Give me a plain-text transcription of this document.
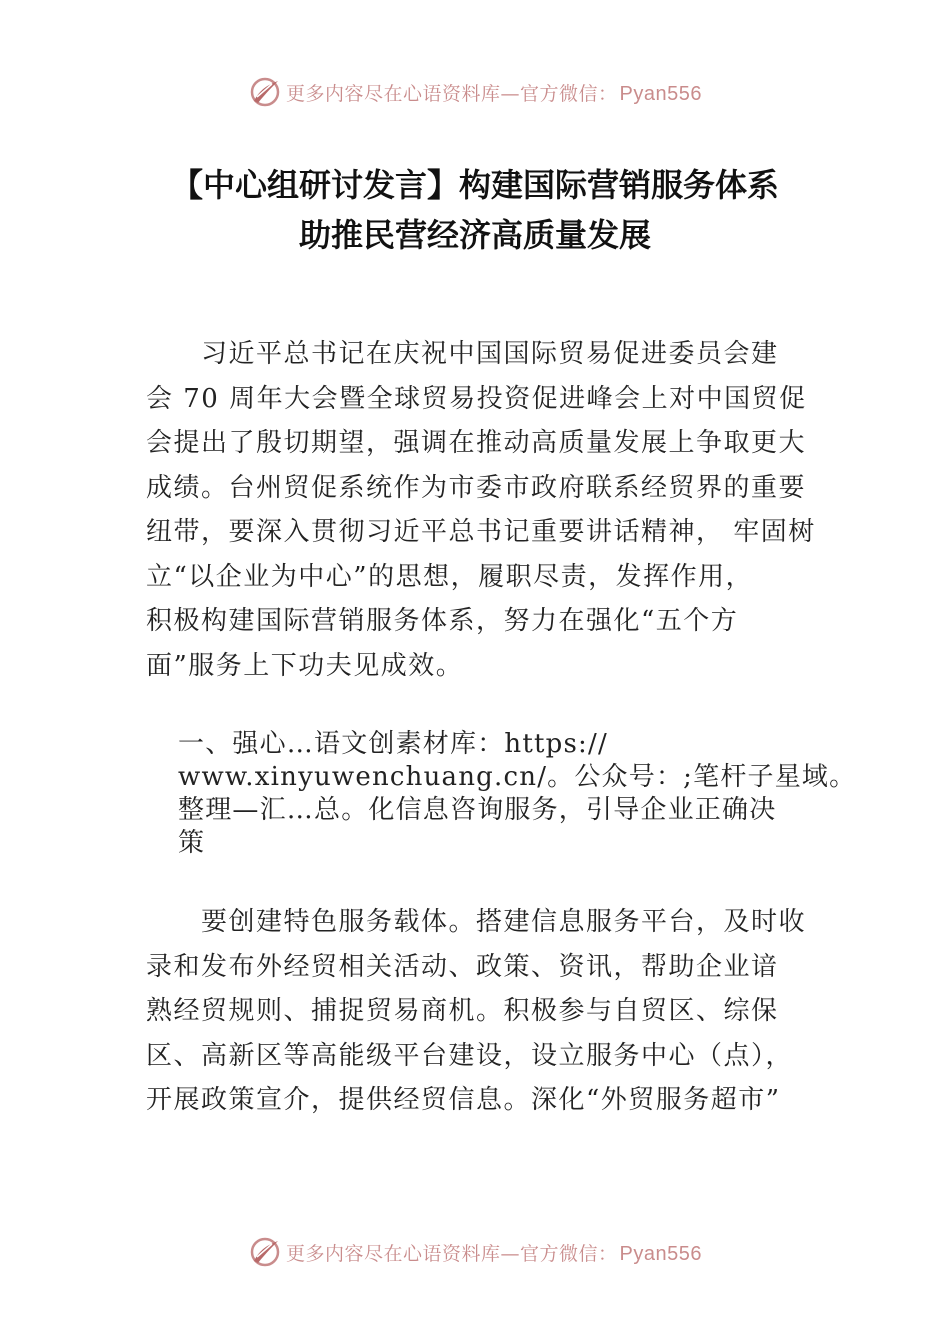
更多内容尽在心语资料库—官方微信： Pyan556
【中心组研讨发言】构建国际营销服务体系
助推民营经济高质量发展
　　习近平总书记在庆祝中国国际贸易促进委员会建
会 70 周年大会暨全球贸易投资促进峰会上对中国贸促
会提出了殷切期望，强调在推动高质量发展上争取更大
成绩。台州贸促系统作为市委市政府联系经贸界的重要
纽带，要深入贯彻习近平总书记重要讲话精神， 牢固树
立“以企业为中心”的思想，履职尽责，发挥作用，
积极构建国际营销服务体系，努力在强化“五个方
面”服务上下功夫见成效。
一、强心…语文创素材库：https://
www.xinyuwenchuang.cn/。公众号：;笔杆子星域。
整理—汇…总。化信息咨询服务，引导企业正确决
策
　　要创建特色服务载体。搭建信息服务平台，及时收
录和发布外经贸相关活动、政策、资讯，帮助企业谙
熟经贸规则、捕捉贸易商机。积极参与自贸区、综保
区、高新区等高能级平台建设，设立服务中心（点），
开展政策宣介，提供经贸信息。深化“外贸服务超市”
更多内容尽在心语资料库—官方微信： Pyan556
